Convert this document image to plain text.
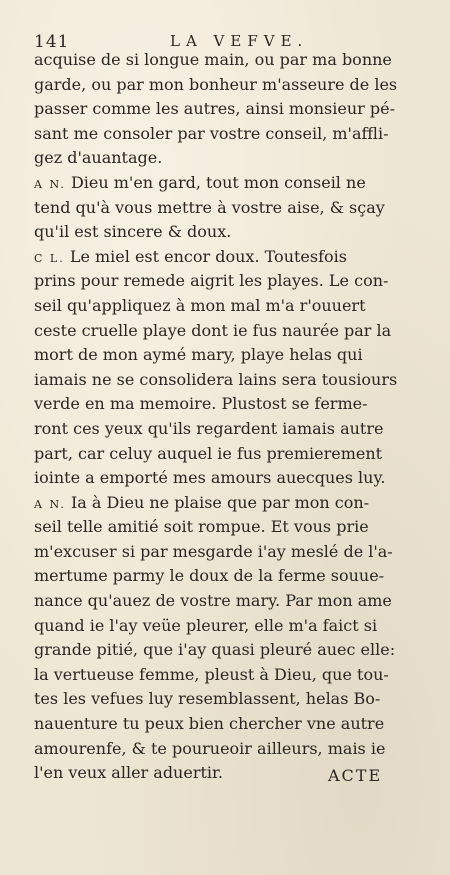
141	LA VEFVE.
acquise de si longue main, ou par ma bonne
garde, ou par mon bonheur m'asseure de les
passer comme les autres, ainsi monsieur pé-
sant me consoler par vostre conseil, m'affli-
gez d'auantage.
A N. Dieu m'en gard, tout mon conseil ne
tend qu'à vous mettre à vostre aise, & sçay
qu'il est sincere & doux.
C L. Le miel est encor doux. Toutesfois
prins pour remede aigrit les playes. Le con-
seil qu'appliquez à mon mal m'a r'ouuert
ceste cruelle playe dont ie fus naurée par la
mort de mon aymé mary, playe helas qui
iamais ne se consolidera lains sera tousiours
verde en ma memoire. Plustost se ferme-
ront ces yeux qu'ils regardent iamais autre
part, car celuy auquel ie fus premierement
iointe a emporté mes amours auecques luy.
A N. Ia à Dieu ne plaise que par mon con-
seil telle amitié soit rompue. Et vous prie
m'excuser si par mesgarde i'ay meslé de l'a-
mertume parmy le doux de la ferme souue-
nance qu'auez de vostre mary. Par mon ame
quand ie l'ay veüe pleurer, elle m'a faict si
grande pitié, que i'ay quasi pleuré auec elle:
la vertueuse femme, pleust à Dieu, que tou-
tes les vefues luy resemblassent, helas Bo-
nauenture tu peux bien chercher vne autre
amourenfe, & te pourueoir ailleurs, mais ie
l'en veux aller aduertir.	ACTE
